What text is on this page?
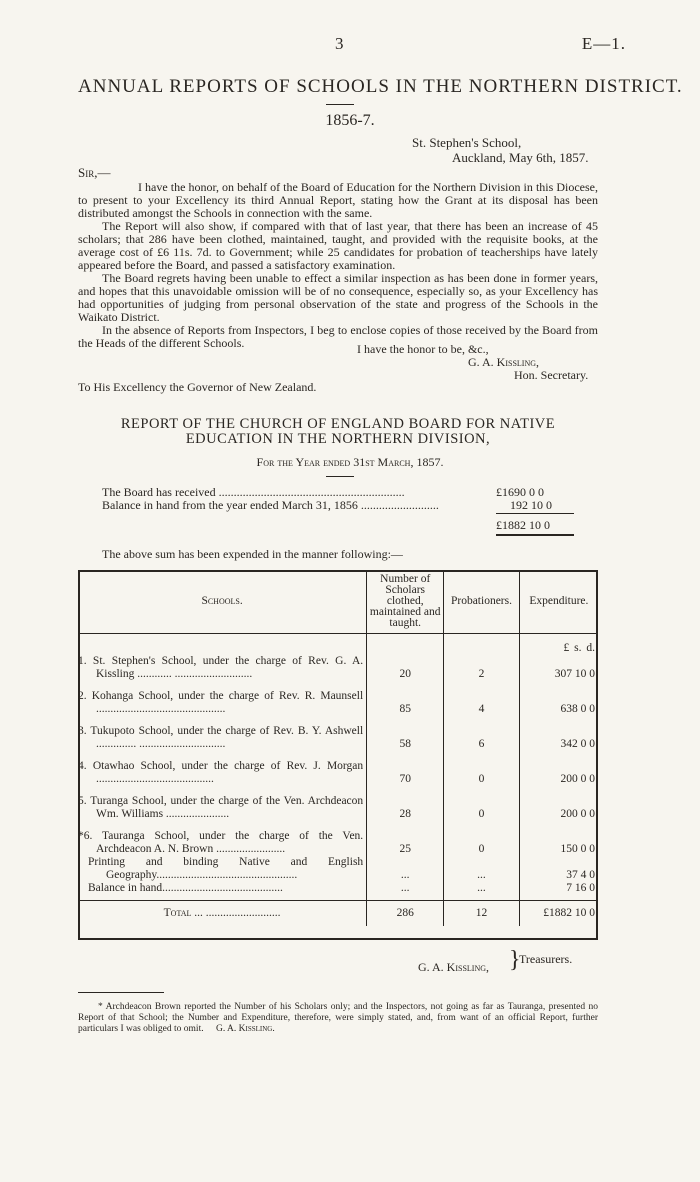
3	E—1.
ANNUAL REPORTS OF SCHOOLS IN THE NORTHERN DISTRICT.
1856-7.
St. Stephen's School,
Auckland, May 6th, 1857.
Sir,—

I have the honor, on behalf of the Board of Education for the Northern Division in this Diocese, to present to your Excellency its third Annual Report, stating how the Grant at its disposal has been distributed amongst the Schools in connection with the same.

The Report will also show, if compared with that of last year, that there has been an increase of 45 scholars; that 286 have been clothed, maintained, taught, and provided with the requisite books, at the average cost of £6 11s. 7d. to Government; while 25 candidates for probation of teacherships have lately appeared before the Board, and passed a satisfactory examination.

The Board regrets having been unable to effect a similar inspection as has been done in former years, and hopes that this unavoidable omission will be of no consequence, especially so, as your Excellency has had opportunities of judging from personal observation of the state and progress of the Schools in the Waikato District.

In the absence of Reports from Inspectors, I beg to enclose copies of those received by the Board from the Heads of the different Schools.	I have the honor to be, &c.,
G. A. Kissling,
Hon. Secretary.
To His Excellency the Governor of New Zealand.
REPORT OF THE CHURCH OF ENGLAND BOARD FOR NATIVE EDUCATION IN THE NORTHERN DIVISION,
For the Year ended 31st March, 1857.
The Board has received ..............................................................	£1690 0 0
Balance in hand from the year ended March 31, 1856 ..........................	192 10 0
£1882 10 0
The above sum has been expended in the manner following:—
Schools.	Number of Scholars clothed, maintained and taught.	Probationers.	Expenditure.
			£ s. d.
1. St. Stephen's School, under the charge of Rev. G. A. Kissling ............ ...........................	20	2	307 10 0
2. Kohanga School, under the charge of Rev. R. Maunsell .............................................	85	4	638 0 0
3. Tukupoto School, under the charge of Rev. B. Y. Ashwell .............. ..............................	58	6	342 0 0
4. Otawhao School, under the charge of Rev. J. Morgan .........................................	70	0	200 0 0
5. Turanga School, under the charge of the Ven. Archdeacon Wm. Williams ......................	28	0	200 0 0
*6. Tauranga School, under the charge of the Ven. Archdeacon A. N. Brown ........................	25	0	150 0 0
Printing and binding Native and English Geography.................................................	...	...	37 4 0
Balance in hand..........................................	...	...	7 16 0
Total ... ..........................	286	12	£1882 10 0
G. A. Kissling, }
Treasurers.
* Archdeacon Brown reported the Number of his Scholars only; and the Inspectors, not going as far as Tauranga, presented no Report of that School; the Number and Expenditure, therefore, were simply stated, and, from want of an official Report, further particulars I was obliged to omit. G. A. Kissling.
